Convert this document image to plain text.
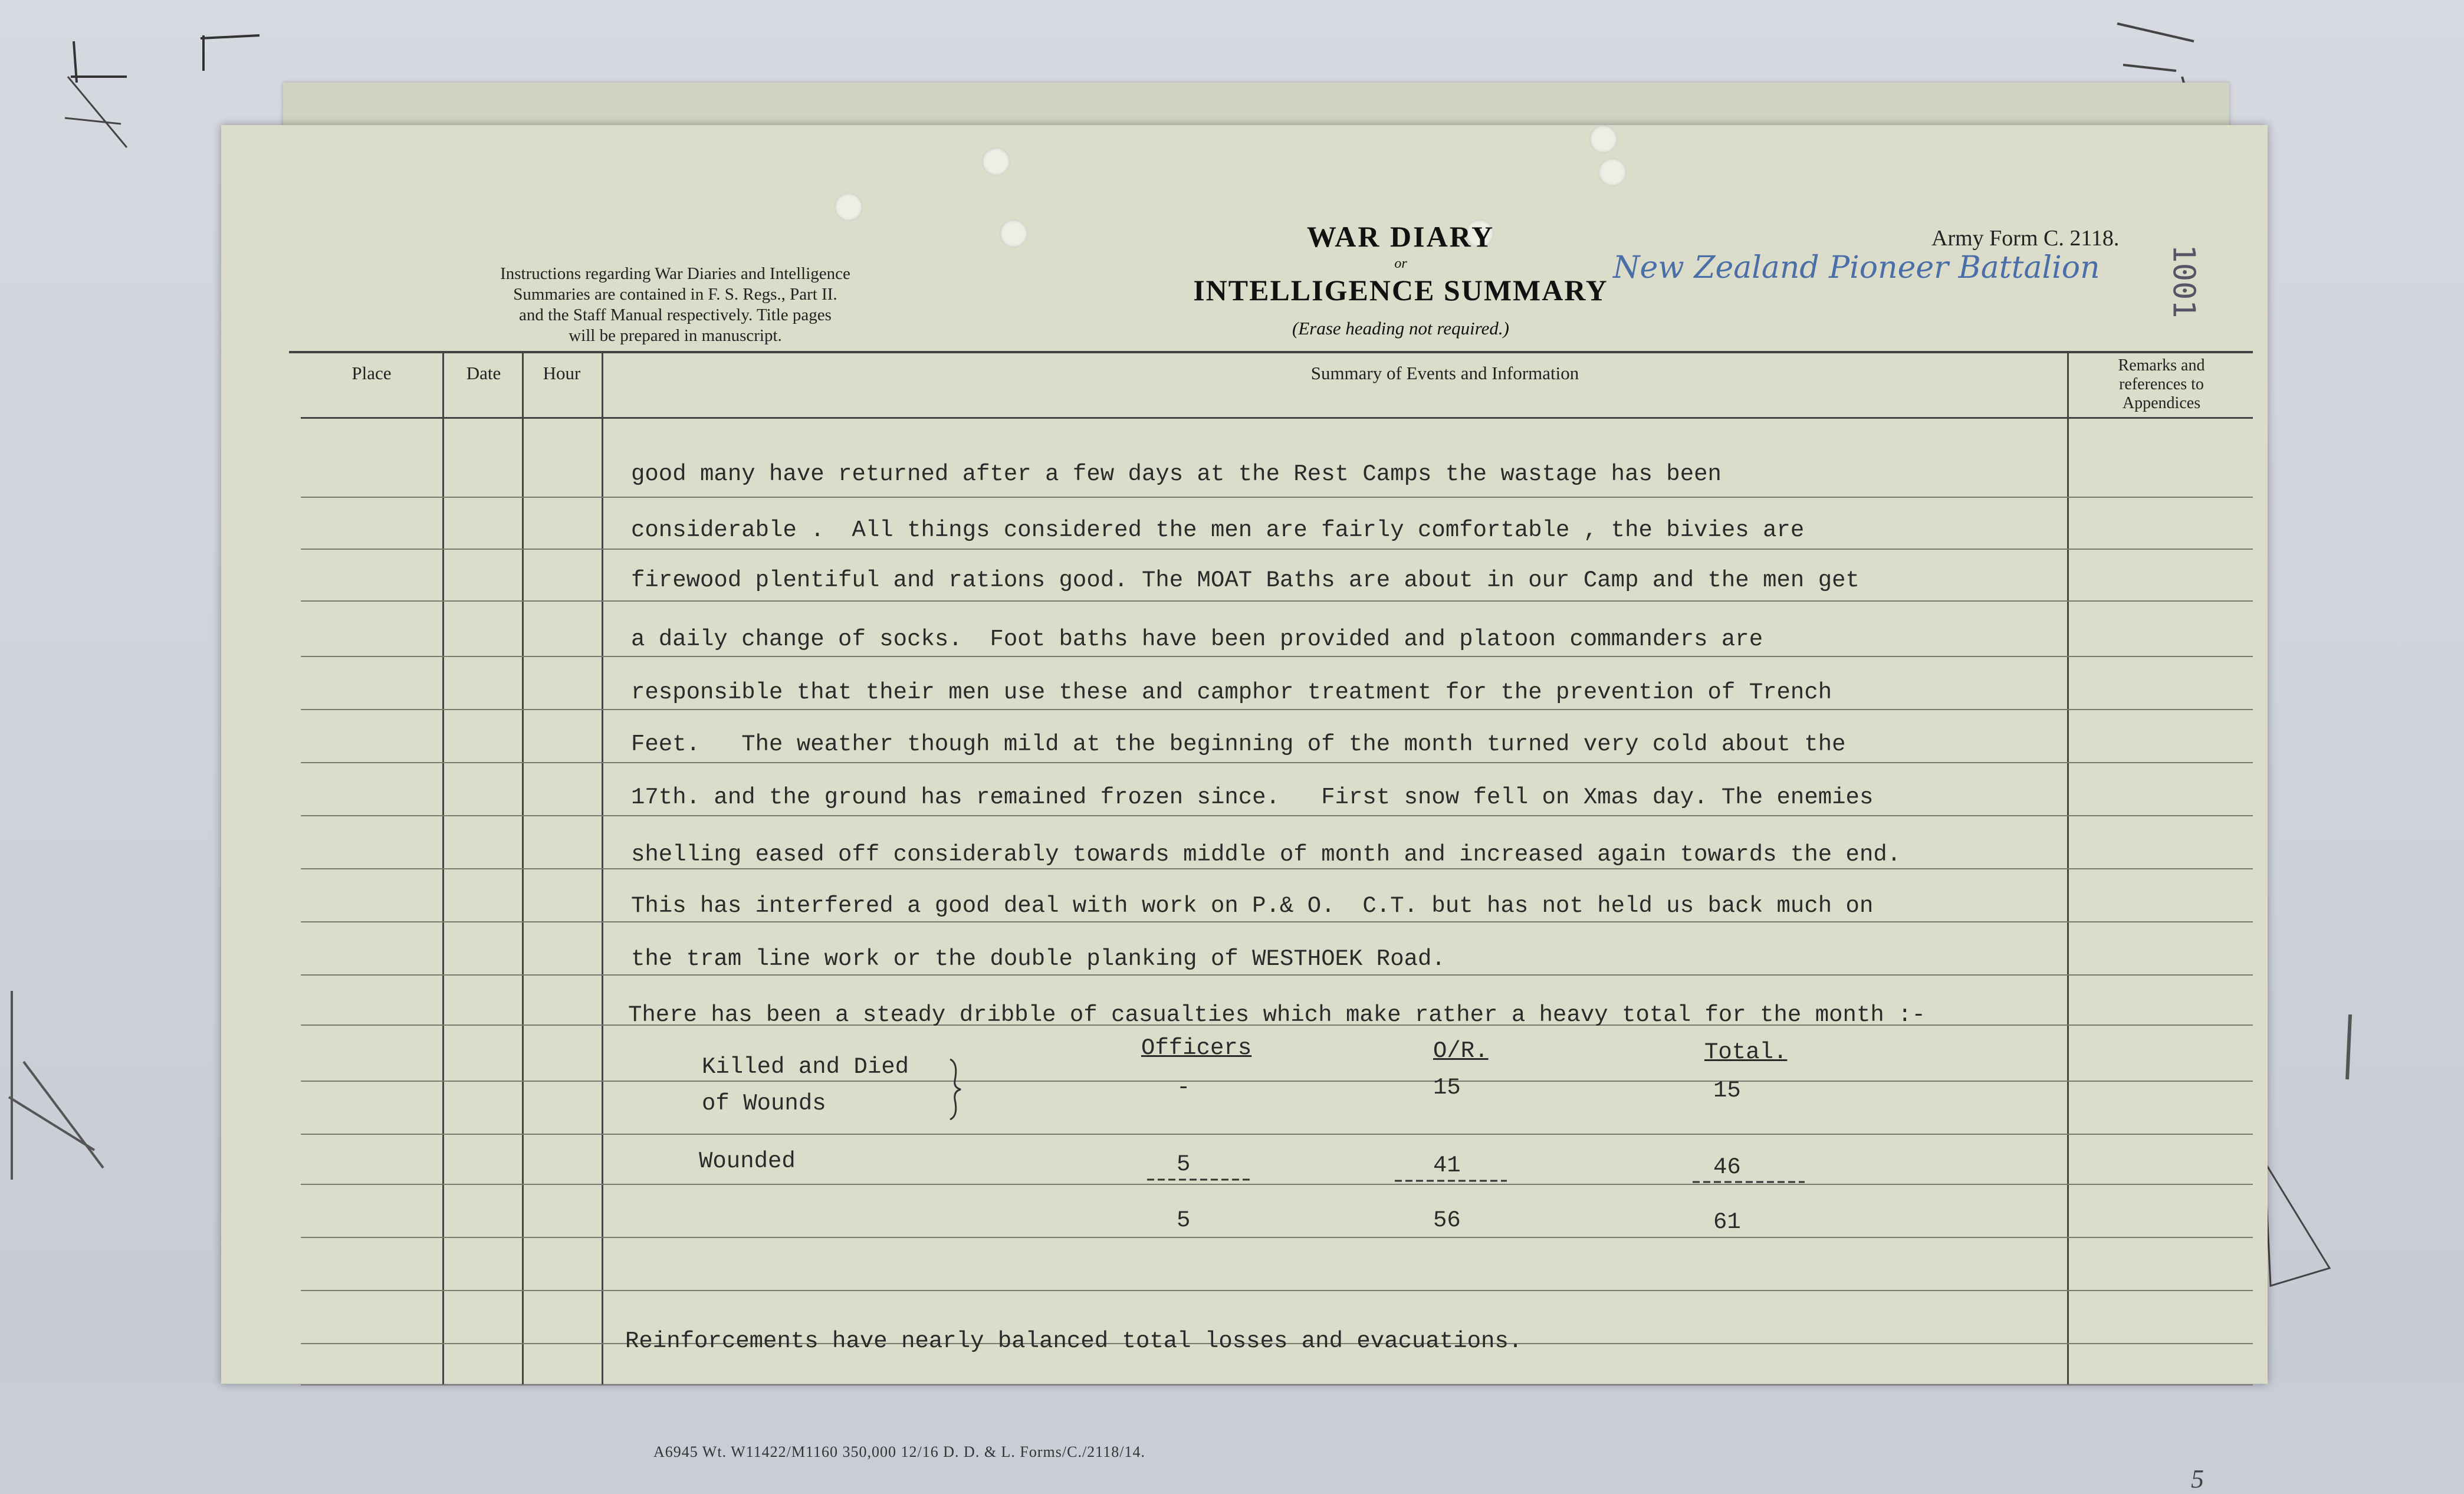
Instructions regarding War Diaries and Intelligence
Summaries are contained in F. S. Regs., Part II.
and the Staff Manual respectively. Title pages
will be prepared in manuscript.
WAR DIARY
or
INTELLIGENCE SUMMARY
(Erase heading not required.)
Army Form C. 2118.
New Zealand Pioneer Battalion 1001
Place	Date	Hour	Summary of Events and Information	Remarks and
references to
Appendices
good many have returned after a few days at the Rest Camps the wastage has been
considerable .  All things considered the men are fairly comfortable , the bivies are
firewood plentiful and rations good. The MOAT Baths are about in our Camp and the men get
a daily change of socks.  Foot baths have been provided and platoon commanders are
responsible that their men use these and camphor treatment for the prevention of Trench
Feet.   The weather though mild at the beginning of the month turned very cold about the
17th. and the ground has remained frozen since.   First snow fell on Xmas day. The enemies
shelling eased off considerably towards middle of month and increased again towards the end.
This has interfered a good deal with work on P.& O.  C.T. but has not held us back much on
the tram line work or the double planking of WESTHOEK Road.
There has been a steady dribble of casualties which make rather a heavy total for the month :-
Officers	O/R.	Total.
Killed and Died
of Wounds
-	15	15
Wounded	5	41	46
5	56	61
Reinforcements have nearly balanced total losses and evacuations.
A6945 Wt. W11422/M1160 350,000 12/16 D. D. & L. Forms/C./2118/14.
5
